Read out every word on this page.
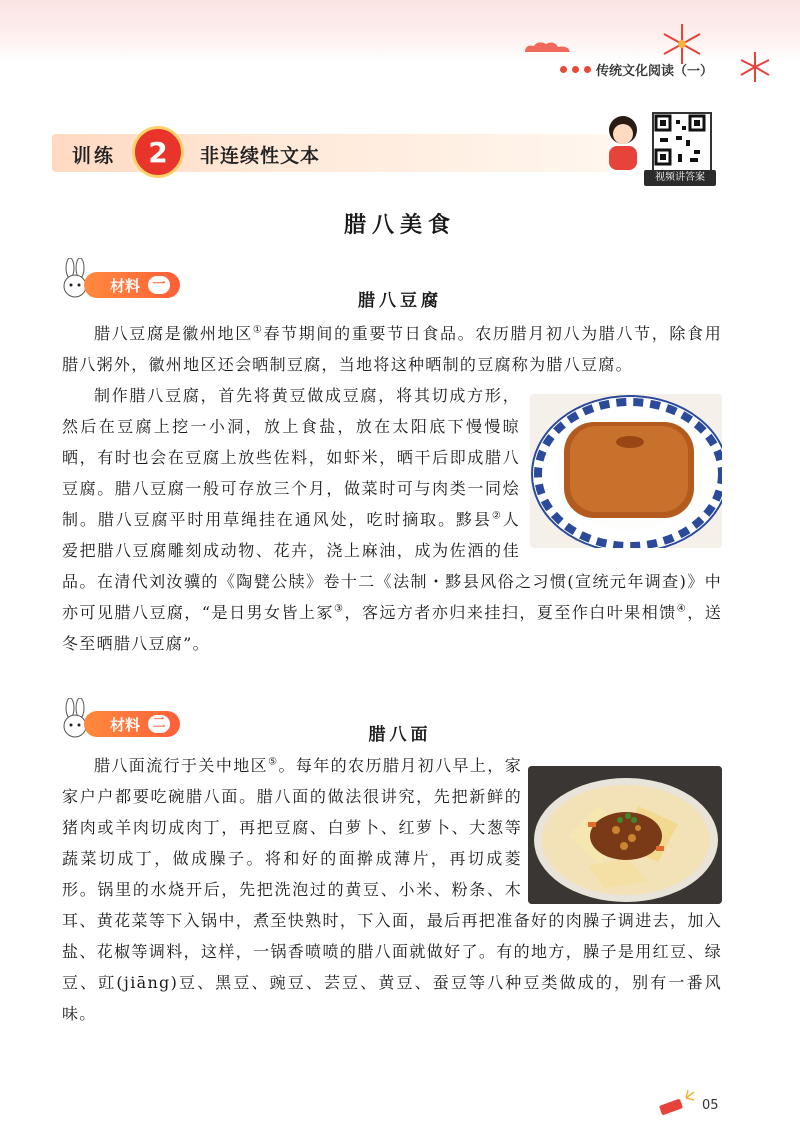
传统文化阅读（一）
训练	2	非连续性文本
视频讲答案
腊八美食
材料 一
腊八豆腐

腊八豆腐是徽州地区①春节期间的重要节日食品。农历腊月初八为腊八节，除食用腊八粥外，徽州地区还会晒制豆腐，当地将这种晒制的豆腐称为腊八豆腐。

制作腊八豆腐，首先将黄豆做成豆腐，将其切成方形，然后在豆腐上挖一小洞，放上食盐，放在太阳底下慢慢晾晒，有时也会在豆腐上放些佐料，如虾米，晒干后即成腊八豆腐。腊八豆腐一般可存放三个月，做菜时可与肉类一同烩制。腊八豆腐平时用草绳挂在通风处，吃时摘取。黟县②人爱把腊八豆腐雕刻成动物、花卉，浇上麻油，成为佐酒的佳品。在清代刘汝骥的《陶甓公牍》卷十二《法制・黟县风俗之习惯(宣统元年调查)》中亦可见腊八豆腐，“是日男女皆上冢③，客远方者亦归来挂扫，夏至作白叶果相馈④，送冬至晒腊八豆腐”。

材料 二
腊八面

腊八面流行于关中地区⑤。每年的农历腊月初八早上，家家户户都要吃碗腊八面。腊八面的做法很讲究，先把新鲜的猪肉或羊肉切成肉丁，再把豆腐、白萝卜、红萝卜、大葱等蔬菜切成丁，做成臊子。将和好的面擀成薄片，再切成菱形。锅里的水烧开后，先把洗泡过的黄豆、小米、粉条、木耳、黄花菜等下入锅中，煮至快熟时，下入面，最后再把准备好的肉臊子调进去，加入盐、花椒等调料，这样，一锅香喷喷的腊八面就做好了。有的地方，臊子是用红豆、绿豆、豇(jiāng)豆、黑豆、豌豆、芸豆、黄豆、蚕豆等八种豆类做成的，别有一番风味。

05
